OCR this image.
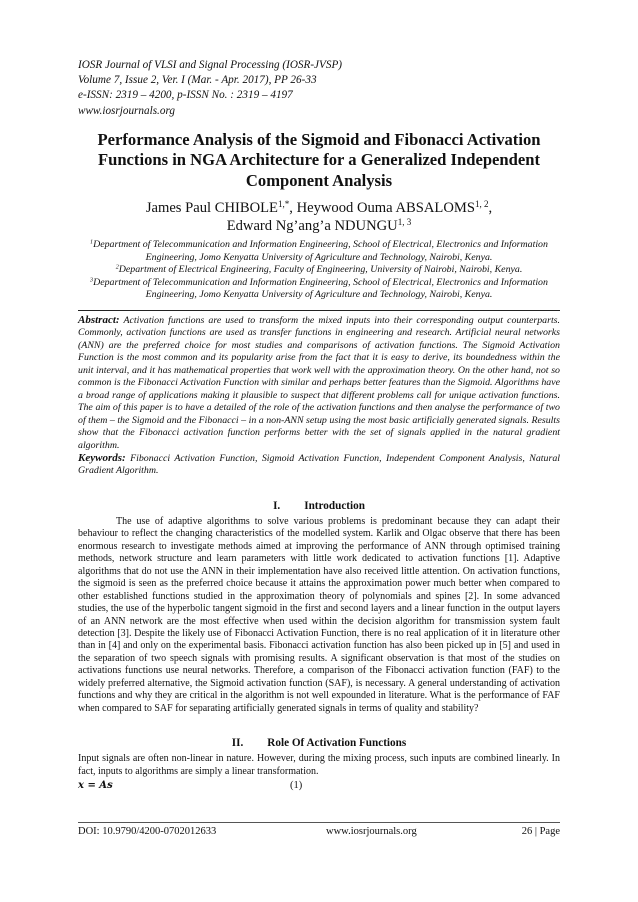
IOSR Journal of VLSI and Signal Processing (IOSR-JVSP)
Volume 7, Issue 2, Ver. I (Mar. - Apr. 2017), PP 26-33
e-ISSN: 2319 – 4200, p-ISSN No. : 2319 – 4197
www.iosrjournals.org
Performance Analysis of the Sigmoid and Fibonacci Activation Functions in NGA Architecture for a Generalized Independent Component Analysis
James Paul $CHIBOLE^{1,*}$, Heywood Ouma ABSALOMS$^{1, 2}$,
Edward Ng’ang’a NDUNGU$^{1, 3}$
$^1$Department of Telecommunication and Information Engineering, School of Electrical, Electronics and Information Engineering, Jomo Kenyatta University of Agriculture and Technology, Nairobi, Kenya.
$^2$Department of Electrical Engineering, Faculty of Engineering, University of Nairobi, Nairobi, Kenya.
$^3$Department of Telecommunication and Information Engineering, School of Electrical, Electronics and Information Engineering, Jomo Kenyatta University of Agriculture and Technology, Nairobi, Kenya.
Abstract: Activation functions are used to transform the mixed inputs into their corresponding output counterparts. Commonly, activation functions are used as transfer functions in engineering and research. Artificial neural networks (ANN) are the preferred choice for most studies and comparisons of activation functions. The Sigmoid Activation Function is the most common and its popularity arise from the fact that it is easy to derive, its boundedness within the unit interval, and it has mathematical properties that work well with the approximation theory. On the other hand, not so common is the Fibonacci Activation Function with similar and perhaps better features than the Sigmoid. Algorithms have a broad range of applications making it plausible to suspect that different problems call for unique activation functions. The aim of this paper is to have a detailed of the role of the activation functions and then analyse the performance of two of them – the Sigmoid and the Fibonacci – in a non-ANN setup using the most basic artificially generated signals. Results show that the Fibonacci activation function performs better with the set of signals applied in the natural gradient algorithm.
Keywords: Fibonacci Activation Function, Sigmoid Activation Function, Independent Component Analysis, Natural Gradient Algorithm.
I. Introduction
The use of adaptive algorithms to solve various problems is predominant because they can adapt their behaviour to reflect the changing characteristics of the modelled system. Karlik and Olgac observe that there has been enormous research to investigate methods aimed at improving the performance of ANN through optimised training methods, network structure and learn parameters with little work dedicated to activation functions [1]. Adaptive algorithms that do not use the ANN in their implementation have also received little attention. On activation functions, the sigmoid is seen as the preferred choice because it attains the approximation power much better when compared to other established functions studied in the approximation theory of polynomials and spines [2]. In some advanced studies, the use of the hyperbolic tangent sigmoid in the first and second layers and a linear function in the output layers of an ANN network are the most effective when used within the decision algorithm for transmission system fault detection [3]. Despite the likely use of Fibonacci Activation Function, there is no real application of it in literature other than in [4] and only on the experimental basis. Fibonacci activation function has also been picked up in [5] and used in the separation of two speech signals with promising results. A significant observation is that most of the studies on activations functions use neural networks. Therefore, a comparison of the Fibonacci activation function (FAF) to the widely preferred alternative, the Sigmoid activation function (SAF), is necessary. A general understanding of activation functions and why they are critical in the algorithm is not well expounded in literature. What is the performance of FAF when compared to SAF for separating artificially generated signals in terms of quality and stability?
II. Role Of Activation Functions
Input signals are often non-linear in nature. However, during the mixing process, such inputs are combined linearly. In fact, inputs to algorithms are simply a linear transformation.
x = As	(1)
DOI: 10.9790/4200-0702012633	www.iosrjournals.org	26 | Page
